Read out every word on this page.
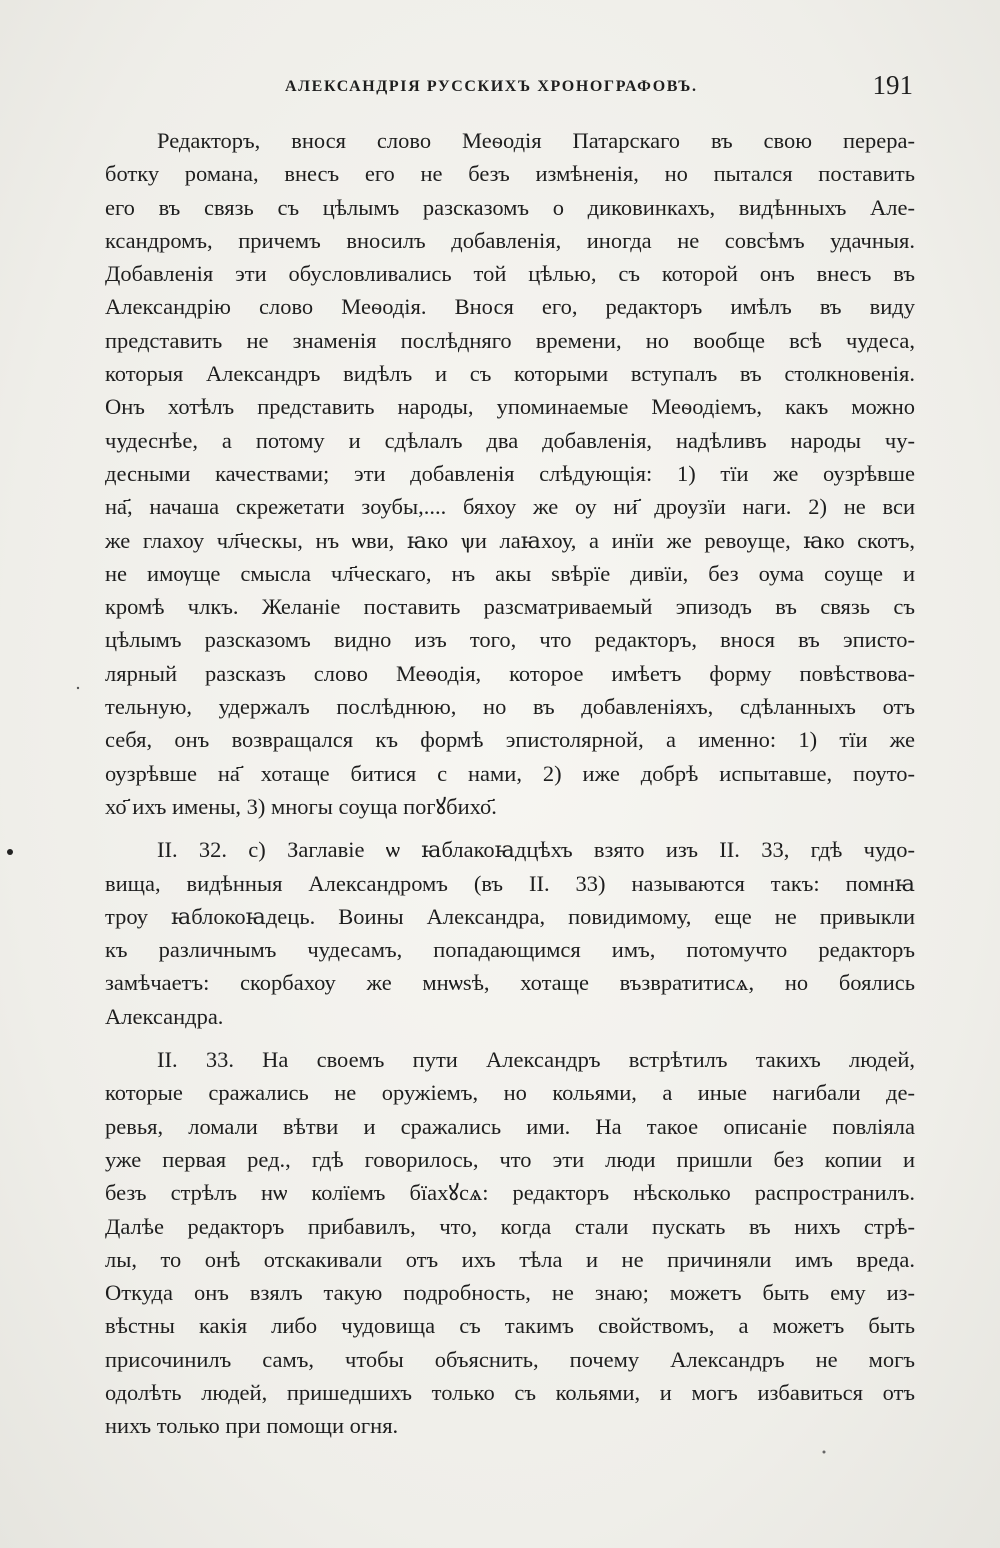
АЛЕКСАНДРІЯ РУССКИХЪ ХРОНОГРАФОВЪ.	191
Редакторъ, внося слово Меѳодія Патарскаго въ свою перера-
ботку романа, внесъ его не безъ измѣненія, но пытался поставить
его въ связь съ цѣлымъ разсказомъ о диковинкахъ, видѣнныхъ Але-
ксандромъ, причемъ вносилъ добавленія, иногда не совсѣмъ удачныя.
Добавленія эти обусловливались той цѣлью, съ которой онъ внесъ въ
Александрію слово Меѳодія. Внося его, редакторъ имѣлъ въ виду
представить не знаменія послѣдняго времени, но вообще всѣ чудеса,
которыя Александръ видѣлъ и съ которыми вступалъ въ столкновенія.
Онъ хотѣлъ представить народы, упоминаемые Меѳодіемъ, какъ можно
чудеснѣе, а потому и сдѣлалъ два добавленія, надѣливъ народы чу-
десными качествами; эти добавленія слѣдующія: 1) тїи же оузрѣвше
на҃, начаша скрежетати зоубы,.... бяхоу же оу ни҃ дроузїи наги. 2) не вси
же глахоу чл҃ческы, нъ ѡви, ꙗко ѱи лаꙗхоу, а инїи же ревоуще, ꙗко скотъ,
не имѹще смысла чл҃ческаго, нъ акы ѕвѣрїе дивїи, без оума соуще и
кромѣ члкъ. Желаніе поставить разсматриваемый эпизодъ въ связь съ
цѣлымъ разсказомъ видно изъ того, что редакторъ, внося въ эписто-
лярный разсказъ слово Меѳодія, которое имѣетъ форму повѣствова-
тельную, удержалъ послѣднюю, но въ добавленіяхъ, сдѣланныхъ отъ
себя, онъ возвращался къ формѣ эпистолярной, а именно: 1) тїи же
оузрѣвше на҃ хотаще битися с нами, 2) иже добрѣ испытавше, поуто-
хо҃ ихъ имены, 3) многы соуща погꙋбихо҃.
II. 32. c) Заглавіе ѡ ꙗблакоꙗдцѣхъ взято изъ II. 33, гдѣ чудо-
вища, видѣнныя Александромъ (въ II. 33) называются такъ: помнꙗ
троу ꙗблокоꙗдець. Воины Александра, повидимому, еще не привыкли
къ различнымъ чудесамъ, попадающимся имъ, потомучто редакторъ
замѣчаетъ: скорбахоу же мнѡѕѣ, хотаще възвратитисѧ, но боялись
Александра.
II. 33. На своемъ пути Александръ встрѣтилъ такихъ людей,
которые сражались не оружіемъ, но кольями, а иные нагибали де-
ревья, ломали вѣтви и сражались ими. На такое описаніе повліяла
уже первая ред., гдѣ говорилось, что эти люди пришли без копии и
безъ стрѣлъ нѡ колїемъ бїахꙋсѧ: редакторъ нѣсколько распространилъ.
Далѣе редакторъ прибавилъ, что, когда стали пускать въ нихъ стрѣ-
лы, то онѣ отскакивали отъ ихъ тѣла и не причиняли имъ вреда.
Откуда онъ взялъ такую подробность, не знаю; можетъ быть ему из-
вѣстны какія либо чудовища съ такимъ свойствомъ, а можетъ быть
присочинилъ самъ, чтобы объяснить, почему Александръ не могъ
одолѣть людей, пришедшихъ только съ кольями, и могъ избавиться отъ
нихъ только при помощи огня.
